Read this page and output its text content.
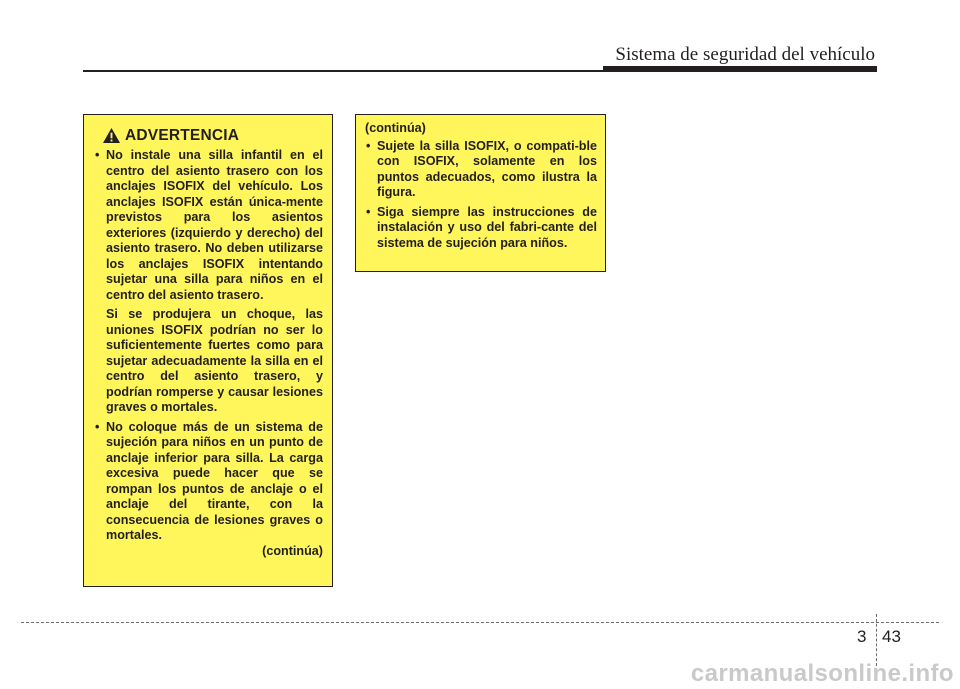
Sistema de seguridad del vehículo
ADVERTENCIA
• No instale una silla infantil en el centro del asiento trasero con los anclajes ISOFIX del vehículo. Los anclajes ISOFIX están única-mente previstos para los asientos exteriores (izquierdo y derecho) del asiento trasero. No deben utilizarse los anclajes ISOFIX intentando sujetar una silla para niños en el centro del asiento trasero.
Si se produjera un choque, las uniones ISOFIX podrían no ser lo suficientemente fuertes como para sujetar adecuadamente la silla en el centro del asiento trasero, y podrían romperse y causar lesiones graves o mortales.
• No coloque más de un sistema de sujeción para niños en un punto de anclaje inferior para silla. La carga excesiva puede hacer que se rompan los puntos de anclaje o el anclaje del tirante, con la consecuencia de lesiones graves o mortales.
(continúa)
(continúa)
• Sujete la silla ISOFIX, o compati-ble con ISOFIX, solamente en los puntos adecuados, como ilustra la figura.
• Siga siempre las instrucciones de instalación y uso del fabri-cante del sistema de sujeción para niños.
3 43
carmanualsonline.info
